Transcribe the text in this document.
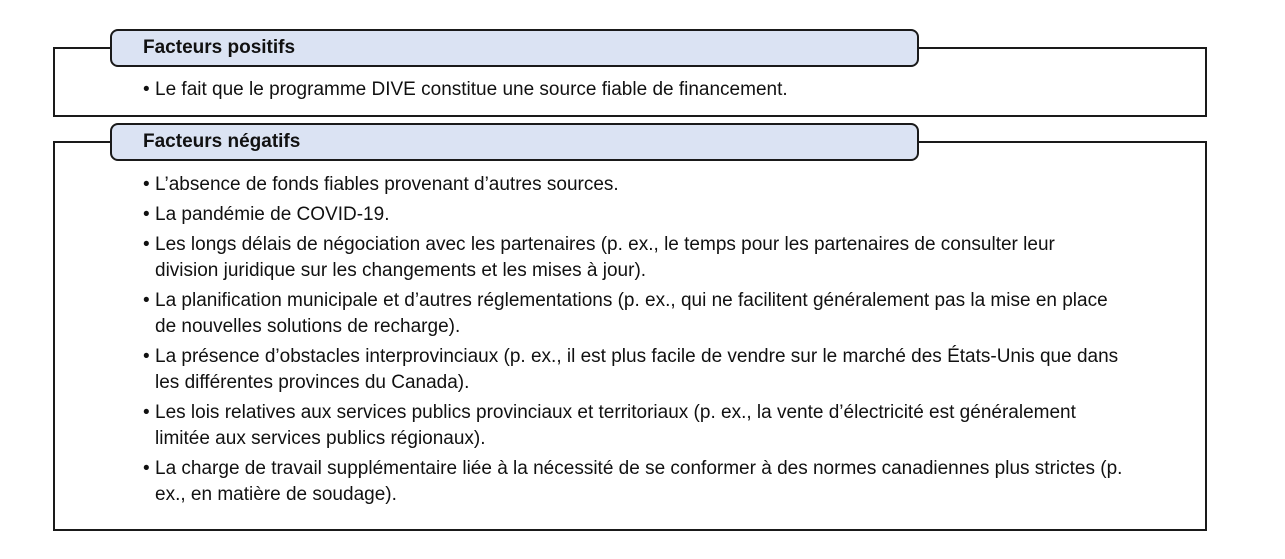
• Le fait que le programme DIVE constitue une source fiable de financement.
Facteurs positifs
• L’absence de fonds fiables provenant d’autres sources.
• La pandémie de COVID-19.
• Les longs délais de négociation avec les partenaires (p. ex., le temps pour les partenaires de consulter leur division juridique sur les changements et les mises à jour).
• La planification municipale et d’autres réglementations (p. ex., qui ne facilitent généralement pas la mise en place de nouvelles solutions de recharge).
• La présence d’obstacles interprovinciaux (p. ex., il est plus facile de vendre sur le marché des États-Unis que dans les différentes provinces du Canada).
• Les lois relatives aux services publics provinciaux et territoriaux (p. ex., la vente d’électricité est généralement limitée aux services publics régionaux).
• La charge de travail supplémentaire liée à la nécessité de se conformer à des normes canadiennes plus strictes (p. ex., en matière de soudage).
Facteurs négatifs
